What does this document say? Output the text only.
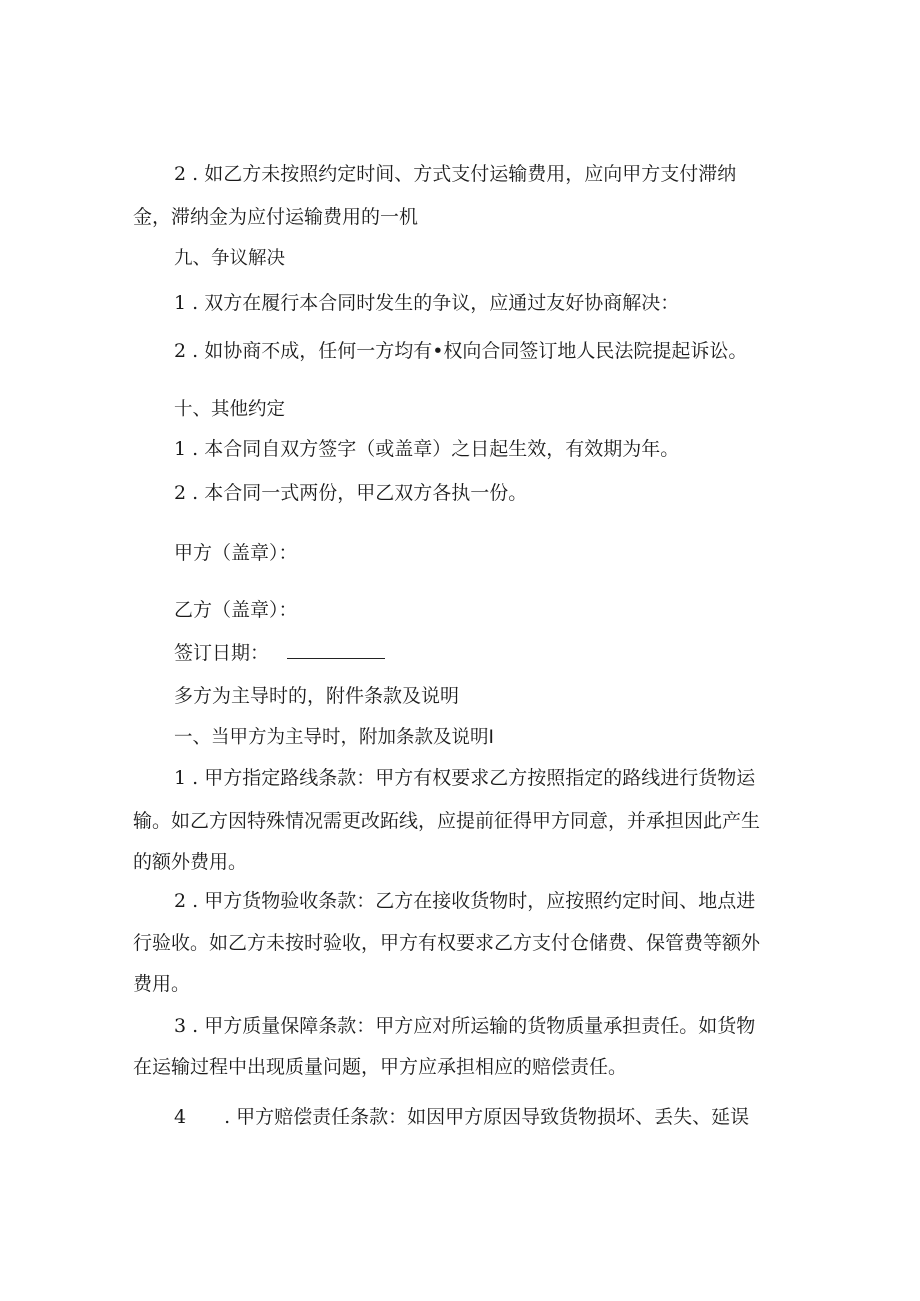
2 . 如乙方未按照约定时间、方式支付运输费用，应向甲方支付滞纳
金，滞纳金为应付运输费用的一机
九、争议解决
1 . 双方在履行本合同时发生的争议，应通过友好协商解决：
2 . 如协商不成，任何一方均有•权向合同签订地人民法院提起诉讼。
十、其他约定
1 . 本合同自双方签字（或盖章）之日起生效，有效期为年。
2 . 本合同一式两份，甲乙双方各执一份。
甲方（盖章）：
乙方（盖章）：
签订日期：
多方为主导时的，附件条款及说明
一、当甲方为主导时，附加条款及说明I
1 . 甲方指定路线条款：甲方有权要求乙方按照指定的路线进行货物运
输。如乙方因特殊情况需更改跖线，应提前征得甲方同意，并承担因此产生
的额外费用。
2 . 甲方货物验收条款：乙方在接收货物时，应按照约定时间、地点进
行验收。如乙方未按时验收，甲方有权要求乙方支付仓储费、保管费等额外
费用。
3 . 甲方质量保障条款：甲方应对所运输的货物质量承担责任。如货物
在运输过程中出现质量问题，甲方应承担相应的赔偿责任。
4　　. 甲方赔偿责任条款：如因甲方原因导致货物损坏、丢失、延误
